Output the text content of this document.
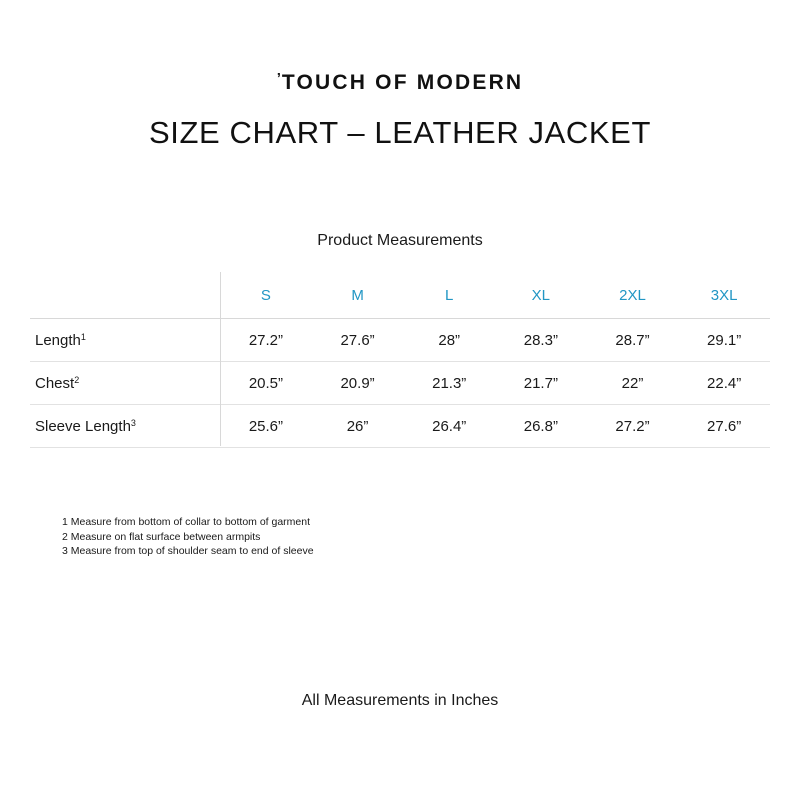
’TOUCH OF MODERN
SIZE CHART – LEATHER JACKET
Product Measurements
	S	M	L	XL	2XL	3XL
Length$^1$	27.2”	27.6”	28”	28.3”	28.7”	29.1”
Chest$^2$	20.5”	20.9”	21.3”	21.7”	22”	22.4”
Sleeve Length$^3$	25.6”	26”	26.4”	26.8”	27.2”	27.6”
1 Measure from bottom of collar to bottom of garment
2 Measure on flat surface between armpits
3 Measure from top of shoulder seam to end of sleeve
All Measurements in Inches
